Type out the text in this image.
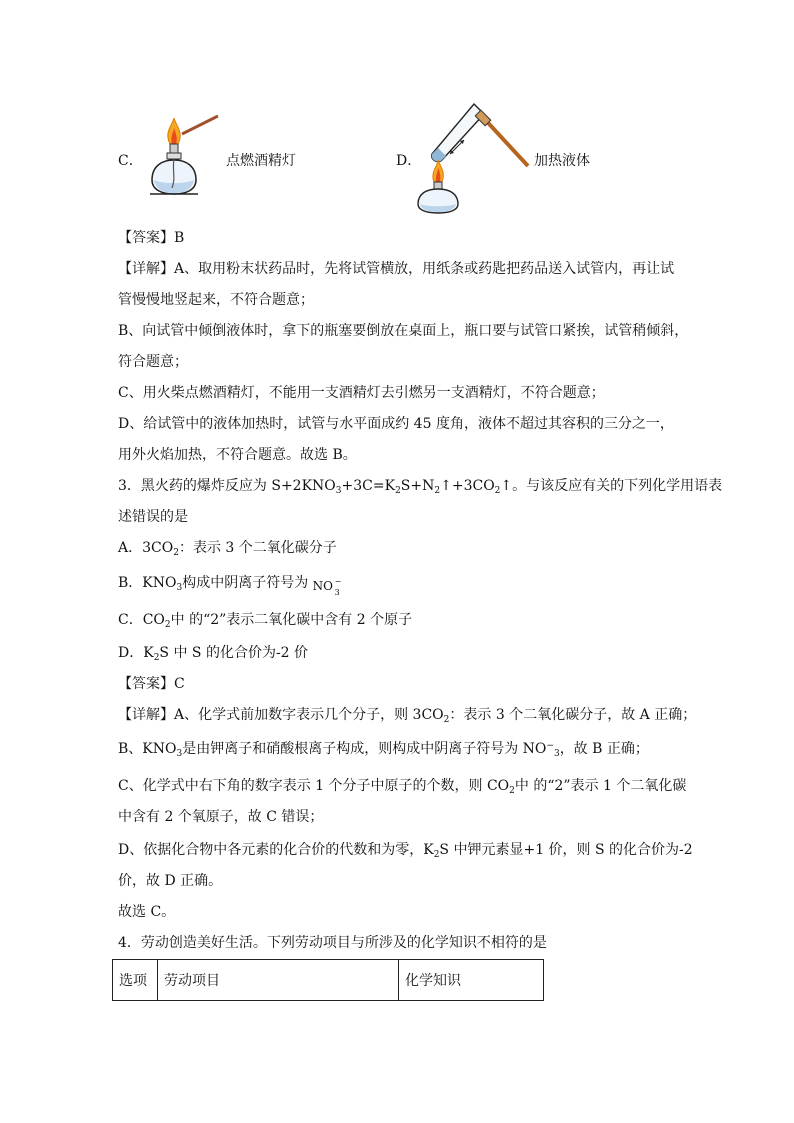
C．	点燃酒精灯	D．	加热液体
【答案】B
【详解】A、取用粉末状药品时，先将试管横放，用纸条或药匙把药品送入试管内，再让试
管慢慢地竖起来，不符合题意；
B、向试管中倾倒液体时，拿下的瓶塞要倒放在桌面上，瓶口要与试管口紧挨，试管稍倾斜，
符合题意；
C、用火柴点燃酒精灯，不能用一支酒精灯去引燃另一支酒精灯，不符合题意；
D、给试管中的液体加热时，试管与水平面成约 45 度角，液体不超过其容积的三分之一，
用外火焰加热，不符合题意。故选 B。
3．黑火药的爆炸反应为 $S+2KNO_3+3C=K_2S+N_2↑+3CO_2↑$。与该反应有关的下列化学用语表
述错误的是
A．$3CO_2$：表示 3 个二氧化碳分子
B．$KNO_3$构成中阴离子符号为 NO −
3
C．$CO_2$中 的“2”表示二氧化碳中含有 2 个原子
D．$K_2S$ 中 S 的化合价为-2 价
【答案】C
【详解】A、化学式前加数字表示几个分子，则 $3CO_2$：表示 3 个二氧化碳分子，故 A 正确；
B、$KNO_3$是由钾离子和硝酸根离子构成，则构成中阴离子符号为 $NO^-_3$，故 B 正确；
C、化学式中右下角的数字表示 1 个分子中原子的个数，则 $CO_2$中 的“2”表示 1 个二氧化碳
中含有 2 个氧原子，故 C 错误；
D、依据化合物中各元素的化合价的代数和为零，$K_2S$ 中钾元素显+1 价，则 S 的化合价为-2
价，故 D 正确。
故选 C。
4．劳动创造美好生活。下列劳动项目与所涉及的化学知识不相符的是
选项	劳动项目	化学知识
